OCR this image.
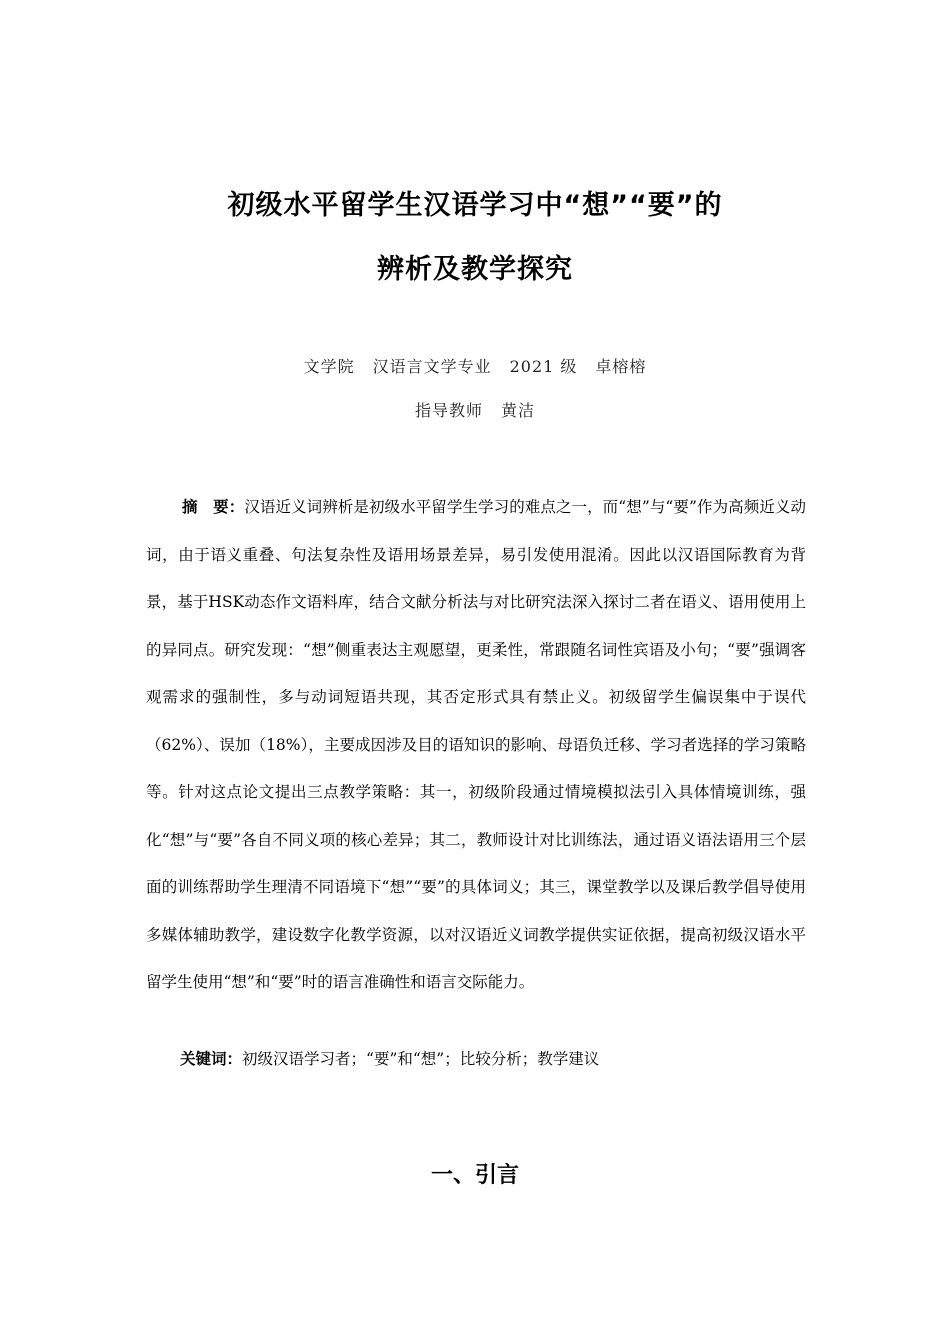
初级水平留学生汉语学习中“想”“要”的
辨析及教学探究
文学院 汉语言文学专业 2021 级 卓榕榕
指导教师 黄洁

摘　要：汉语近义词辨析是初级水平留学生学习的难点之一，而“想”与“要”作为高频近义动词，由于语义重叠、句法复杂性及语用场景差异，易引发使用混淆。因此以汉语国际教育为背景，基于HSK动态作文语料库，结合文献分析法与对比研究法深入探讨二者在语义、语用使用上的异同点。研究发现：“想”侧重表达主观愿望，更柔性，常跟随名词性宾语及小句；“要”强调客观需求的强制性，多与动词短语共现，其否定形式具有禁止义。初级留学生偏误集中于误代（62%）、误加（18%），主要成因涉及目的语知识的影响、母语负迁移、学习者选择的学习策略等。针对这点论文提出三点教学策略：其一，初级阶段通过情境模拟法引入具体情境训练，强化“想”与“要”各自不同义项的核心差异；其二，教师设计对比训练法，通过语义语法语用三个层面的训练帮助学生理清不同语境下“想”“要”的具体词义；其三，课堂教学以及课后教学倡导使用多媒体辅助教学，建设数字化教学资源，以对汉语近义词教学提供实证依据，提高初级汉语水平留学生使用“想”和“要”时的语言准确性和语言交际能力。

关键词：初级汉语学习者；“要”和“想”；比较分析；教学建议

一、引言
